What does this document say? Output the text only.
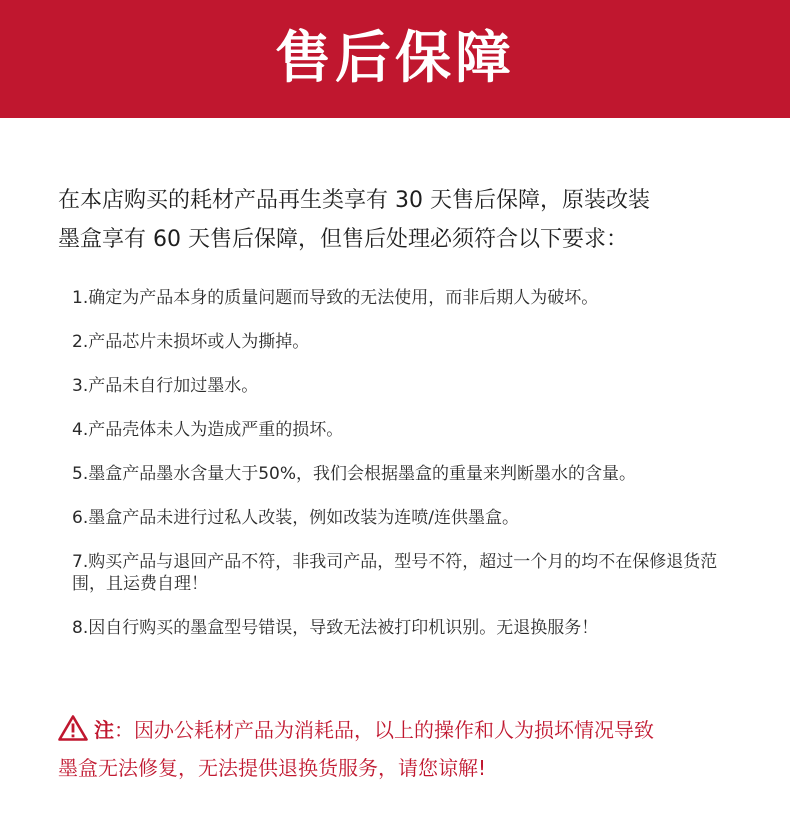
售后保障
在本店购买的耗材产品再生类享有 30 天售后保障，原装改装
墨盒享有 60 天售后保障，但售后处理必须符合以下要求：
1.确定为产品本身的质量问题而导致的无法使用，而非后期人为破坏。
2.产品芯片未损坏或人为撕掉。
3.产品未自行加过墨水。
4.产品壳体未人为造成严重的损坏。
5.墨盒产品墨水含量大于50%，我们会根据墨盒的重量来判断墨水的含量。
6.墨盒产品未进行过私人改装，例如改装为连喷/连供墨盒。
7.购买产品与退回产品不符，非我司产品，型号不符，超过一个月的均不在保修退货范围，且运费自理！
8.因自行购买的墨盒型号错误，导致无法被打印机识别。无退换服务！
注：因办公耗材产品为消耗品，以上的操作和人为损坏情况导致
墨盒无法修复，无法提供退换货服务，请您谅解!
